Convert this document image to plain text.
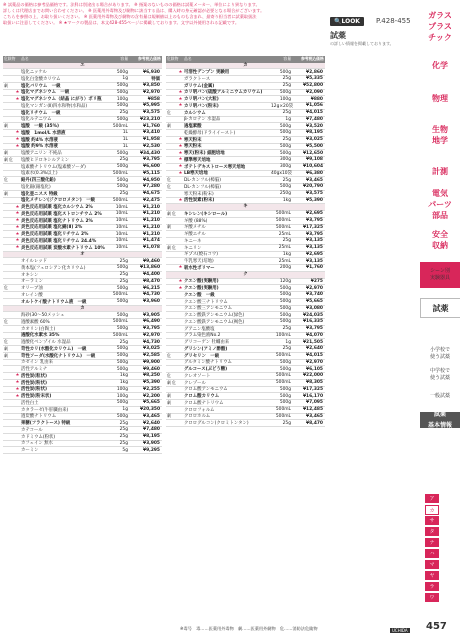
※ 試薬品の価格は参考品価格です。法科は別途出る場合があります。 ※ 指案のないものの価格は試薬メーカー、単位により異なります。
詳しくは代理店までお問い合わせください。 ※ 医薬用外毒物及び劇物に該当する品は、購入時の身元確認が必要となる場合がございます。
こちらを参照の上、お取り扱いください。 ※ 医薬用外毒物及び劇物の含有量は規制値以上のものも含まれ、最寄り担当者に試薬取扱法
取扱いに注意してください。 ※ ★マークの製品は、本文428-455ページに掲載しております。文字以外使用される記載です。	🔍LOOK	P.428-455
試薬
の詳しい情報を掲載しております。
危険物 品名	容量	参考税込価格
エ
塩化ニッケル	500g	¥6,930
塩化白金酸カリウム	1g	特価
劇	塩化バリウム　一級	500g	¥3,850
★ 塩化マグネシウム　一級	500g	¥2,970
★ 塩化マグネシウム（結晶 にがり）ポリ瓶	100g	¥858
塩化マンガン(Ⅱ)四水和物(水和品)	500g	¥5,995
塩化リチウム　一級	25g	¥3,575
塩化ルテニウム	500g	¥23,210
劇	塩酸　一級 (35%)	500mL	¥1,760
★ 塩酸　1mol/L 水溶液	1L	¥3,410
★ 塩酸 約4% 水溶液	1L	¥1,958
★ 塩酸 約9% 水溶液	1L	¥2,530
劇	塩酸アニリン 不純品	500g	¥34,430
劇 危 塩酸ヒドロキシルアミン	25g	¥3,795
塩素酸ナトリウム(塩素酸ソーダ)	500g	¥6,600
塩素水(0.3%以上)	500mL	¥5,115
危	鉛丹(四三酸化鉛)	500g	¥4,950
塩化銀(銀塩化)	500g	¥7,280
劇	塩化亜ニスス 特級	25g	¥4,675
塩化メチレン(ジクロロメタン)　一級	500mL	¥2,475
★ 炎色反応用試薬 塩化カルシウム 2%	10mL	¥1,210
★ 炎色反応用試薬 塩化ストロンチウム 2%	10mL	¥1,210
★ 炎色反応用試薬 塩化ナトリウム 2%	10mL	¥1,210
★ 炎色反応用試薬 塩化銅(Ⅱ) 2%	10mL	¥1,210
★ 炎色反応用試薬 塩化リチウム 2%	10mL	¥1,210
★ 炎色反応用試薬 塩化リチウム 24.4%	10mL	¥1,474
★ 炎色反応用試薬 炭酸水素ナトリウム 10%	10mL	¥1,078
オ
オイルレッド	25g	¥9,460
黄本塩(フェロシアン化カリウム)	500g	¥13,860
オキシン	25g	¥4,400
オーラミン	25g	¥8,470
危	オリーブ油	500g	¥6,215
オレイン酸	500mL	¥4,730
オルトケイ酸ナトリウム液　一級	500g	¥3,960
カ
海砂(30〜50メッシュ	500g	¥3,905
危	過酸素酸 60%	500mL	¥6,490
カオリン(白陶土)	500g	¥3,795
過酸化水素水 35%	500mL	¥2,970
危	過酸化ベンゾイル 水湿品	25g	¥4,730
劇	苛性カリ(水酸化カリウム)　一級	500g	¥3,025
劇	苛性ソーダ(水酸化ナトリウム)　一級	500g	¥2,585
カゼイン 乳由来	500g	¥9,900
活性アルミナ	500g	¥9,460
★ 活性炭(粒状)	1kg	¥8,250
★ 活性炭(粉状)	1kg	¥5,390
★ 活性炭(粉状)	100g	¥2,255
★ 活性炭(粉末状)	100g	¥2,200
活性白土	500g	¥5,665
カタラーゼ(牛肝臓由来)	1g	¥20,350
過炭酸ナトリウム	500g	¥3,465
果糖(フラクトース) 特級	25g	¥2,640
カテコール	25g	¥7,480
カドミウム(粉状)	25g	¥8,195
カフェイン 無水	25g	¥3,905
カーミン	5g	¥9,295
危険物 品名	容量	参考税込価格
カ
★ 可溶性デンプン 実験用	500g	¥2,860
ガラクトース	25g	¥5,335
ガリウム(金属)	25g	¥52,800
★ カリ明バン(硫酸アルミニウムカリウム)	500g	¥2,090
★ カリ明バン(大粒)	100g	¥880
★ カリ明バン(粉末)	12g×20袋	¥1,056
危	カルシウム	25g	¥4,015
β-カロテン 水湿品	1g	¥7,480
劇	過塩素酸	500g	¥3,520
乾燥酵母(ドライイースト)	500g	¥8,195
★ 寒天粉末	25g	¥3,025
★ 寒天粉末	500g	¥5,500
★ 寒天(粉末) 細胞培地	500g	¥12,650
★ 標準寒天培地	300g	¥9,108
★ ポテトデキストロース寒天培地	300g	¥10,604
★ LB寒天培地	40gx10袋	¥6,380
危	DL-カンフル(樟脳)	25g	¥3,465
危	DL-カンフル(樟脳)	500g	¥20,790
寒天粉末(粉末)	250g	¥3,575
★ 活性炭素(粉末)	1kg	¥5,390
キ
劇 危 キシレン(キシロール)	500mL	¥2,695
ギ酸 (88%)	500mL	¥3,795
劇	ギ酸メチル	500mL	¥17,325
ギ酸エチル	25mL	¥3,795
キニーネ	25g	¥3,135
劇 危 キニリン	25mL	¥3,135
ギプス(焼石コウ)	1kg	¥2,695
牛乳寒天(培地)	25mL	¥3,135
★ 吸水性ポリマー	200g	¥1,760
ク
★ クエン酸(実験用)	120g	¥275
★ クエン酸(実験用)	500g	¥2,970
クエン酸　一級	500g	¥3,740
クエン酸三ナトリウム	500g	¥5,665
クエン酸三アンモニウム	500g	¥3,080
クエン酸鉄アンモニウム(緑色)	500g	¥24,035
クエン酸鉄アンモニウム(褐色)	500g	¥16,335
グアニン塩酸塩	25g	¥3,795
グラム染色液No.2	100mL	¥4,070
グリコーゲン 牡蠣由来	1g	¥21,505
グリシン(アミノ酢酸)	25g	¥2,640
危	グリセリン　一級	500mL	¥4,015
グルタミン酸ナトリウム	500g	¥2,970
グルコース(ぶどう糖)	500g	¥6,105
危	クレオソート	500mL	¥22,000
劇 危 クレゾール	500mL	¥8,305
クロム酸アンモニウム	500g	¥17,325
劇	クロム酸カリウム	500g	¥16,170
劇	クロム酸ナトリウム	500g	¥7,095
クロロフォルム	500mL	¥12,485
劇	クロロホルム	500mL	¥3,465
クロログルコン(クロミトンタン)	25g	¥8,470
ガラス
プラス
チック
化学
物理
生物
地学
計測
電気
パーツ
部品
安全
収納
シーン別
実験器具
試薬
小学校で
使う試薬
中学校で
使う試薬
一般試薬
試薬
基本情報
ア
カ
サ
タ
ナ
ハ
マ
ヤ
ラ
ワ
※毒号　毒……医薬用外毒物　劇……医薬用外劇物　危……消防法危険物	UCHIDA 457
